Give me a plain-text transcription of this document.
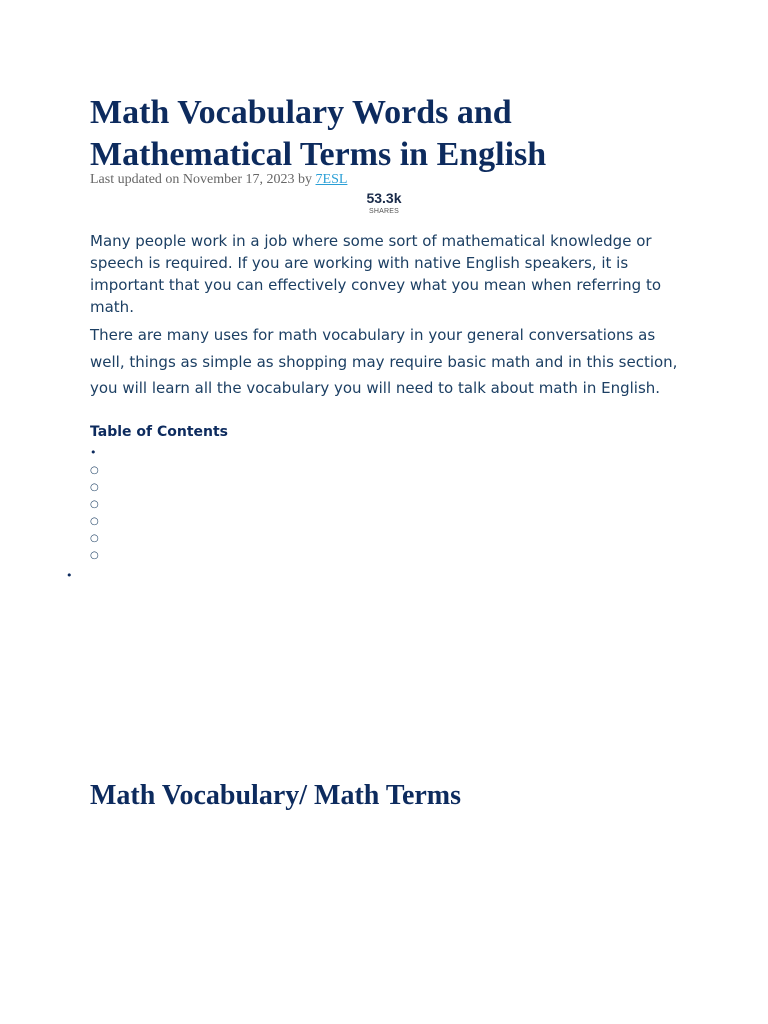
Math Vocabulary Words and Mathematical Terms in English
Last updated on November 17, 2023 by 7ESL
53.3k
SHARES

Many people work in a job where some sort of mathematical knowledge or speech is required. If you are working with native English speakers, it is important that you can effectively convey what you mean when referring to math.

There are many uses for math vocabulary in your general conversations as well, things as simple as shopping may require basic math and in this section, you will learn all the vocabulary you will need to talk about math in English.

Table of Contents
•
○
○
○
○
○
○
•
Math Vocabulary/ Math Terms
